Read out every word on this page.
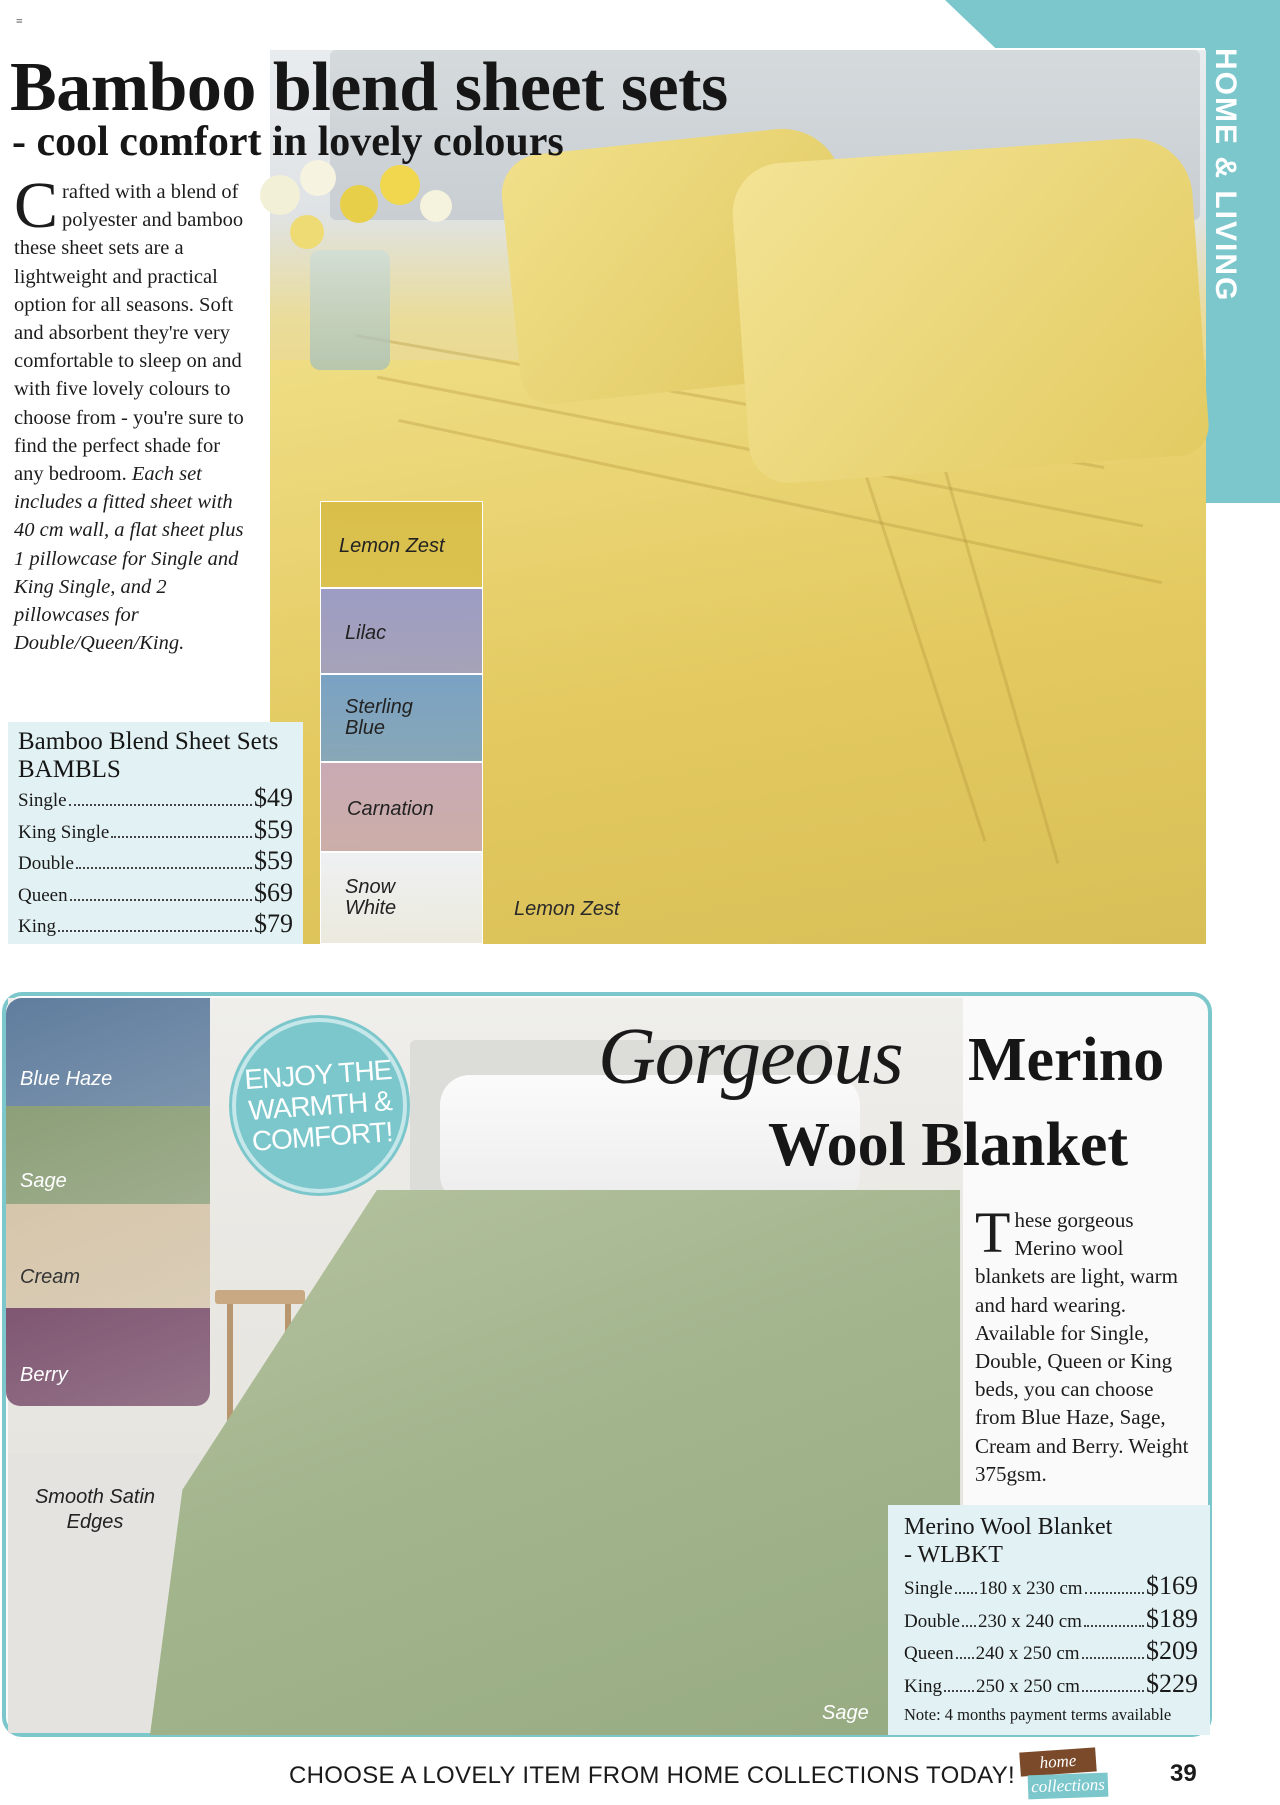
≡
HOME & LIVING
Bamboo blend sheet sets
- cool comfort in lovely colours
Crafted with a blend of polyester and bamboo these sheet sets are a lightweight and practical option for all seasons. Soft and absorbent they're very comfortable to sleep on and with five lovely colours to choose from - you're sure to find the perfect shade for any bedroom. Each set includes a fitted sheet with 40 cm wall, a flat sheet plus 1 pillowcase for Single and King Single, and 2 pillowcases for Double/Queen/King.
Bamboo Blend Sheet Sets
BAMBLS
Single	$49
King Single	$59
Double	$59
Queen	$69
King	$79
Lemon Zest
Lilac
Sterling Blue
Carnation
Snow White	Lemon Zest
Blue Haze
Sage
Cream
Berry
ENJOY THE WARMTH & COMFORT!
Smooth Satin Edges
Sage
Gorgeous Merino
Wool Blanket
These gorgeous Merino wool blankets are light, warm and hard wearing. Available for Single, Double, Queen or King beds, you can choose from Blue Haze, Sage, Cream and Berry. Weight 375gsm.
Merino Wool Blanket
- WLBKT
Single 180 x 230 cm $169
Double 230 x 240 cm $189
Queen 240 x 250 cm	$209
King 250 x 250 cm	$229
Note: 4 months payment terms available
CHOOSE A LOVELY ITEM FROM HOME COLLECTIONS TODAY!
home
collections	39
